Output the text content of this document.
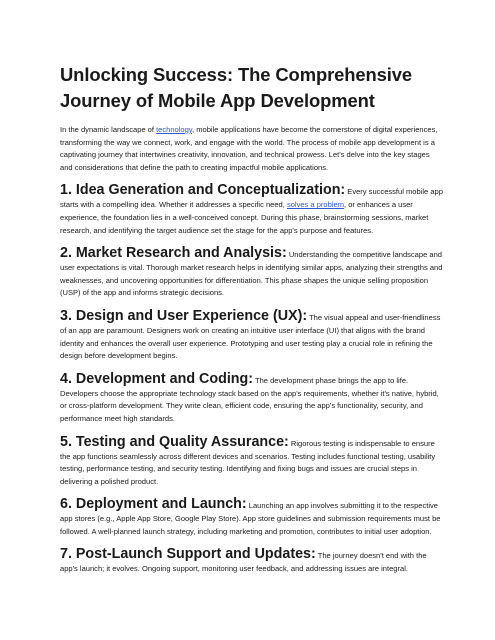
Unlocking Success: The Comprehensive Journey of Mobile App Development
In the dynamic landscape of technology, mobile applications have become the cornerstone of digital experiences, transforming the way we connect, work, and engage with the world. The process of mobile app development is a captivating journey that intertwines creativity, innovation, and technical prowess. Let's delve into the key stages and considerations that define the path to creating impactful mobile applications.
1. Idea Generation and Conceptualization: Every successful mobile app starts with a compelling idea. Whether it addresses a specific need, solves a problem, or enhances a user experience, the foundation lies in a well-conceived concept. During this phase, brainstorming sessions, market research, and identifying the target audience set the stage for the app's purpose and features.
2. Market Research and Analysis: Understanding the competitive landscape and user expectations is vital. Thorough market research helps in identifying similar apps, analyzing their strengths and weaknesses, and uncovering opportunities for differentiation. This phase shapes the unique selling proposition (USP) of the app and informs strategic decisions.
3. Design and User Experience (UX): The visual appeal and user-friendliness of an app are paramount. Designers work on creating an intuitive user interface (UI) that aligns with the brand identity and enhances the overall user experience. Prototyping and user testing play a crucial role in refining the design before development begins.
4. Development and Coding: The development phase brings the app to life. Developers choose the appropriate technology stack based on the app's requirements, whether it's native, hybrid, or cross-platform development. They write clean, efficient code, ensuring the app's functionality, security, and performance meet high standards.
5. Testing and Quality Assurance: Rigorous testing is indispensable to ensure the app functions seamlessly across different devices and scenarios. Testing includes functional testing, usability testing, performance testing, and security testing. Identifying and fixing bugs and issues are crucial steps in delivering a polished product.
6. Deployment and Launch: Launching an app involves submitting it to the respective app stores (e.g., Apple App Store, Google Play Store). App store guidelines and submission requirements must be followed. A well-planned launch strategy, including marketing and promotion, contributes to initial user adoption.
7. Post-Launch Support and Updates: The journey doesn't end with the app's launch; it evolves. Ongoing support, monitoring user feedback, and addressing issues are integral.
